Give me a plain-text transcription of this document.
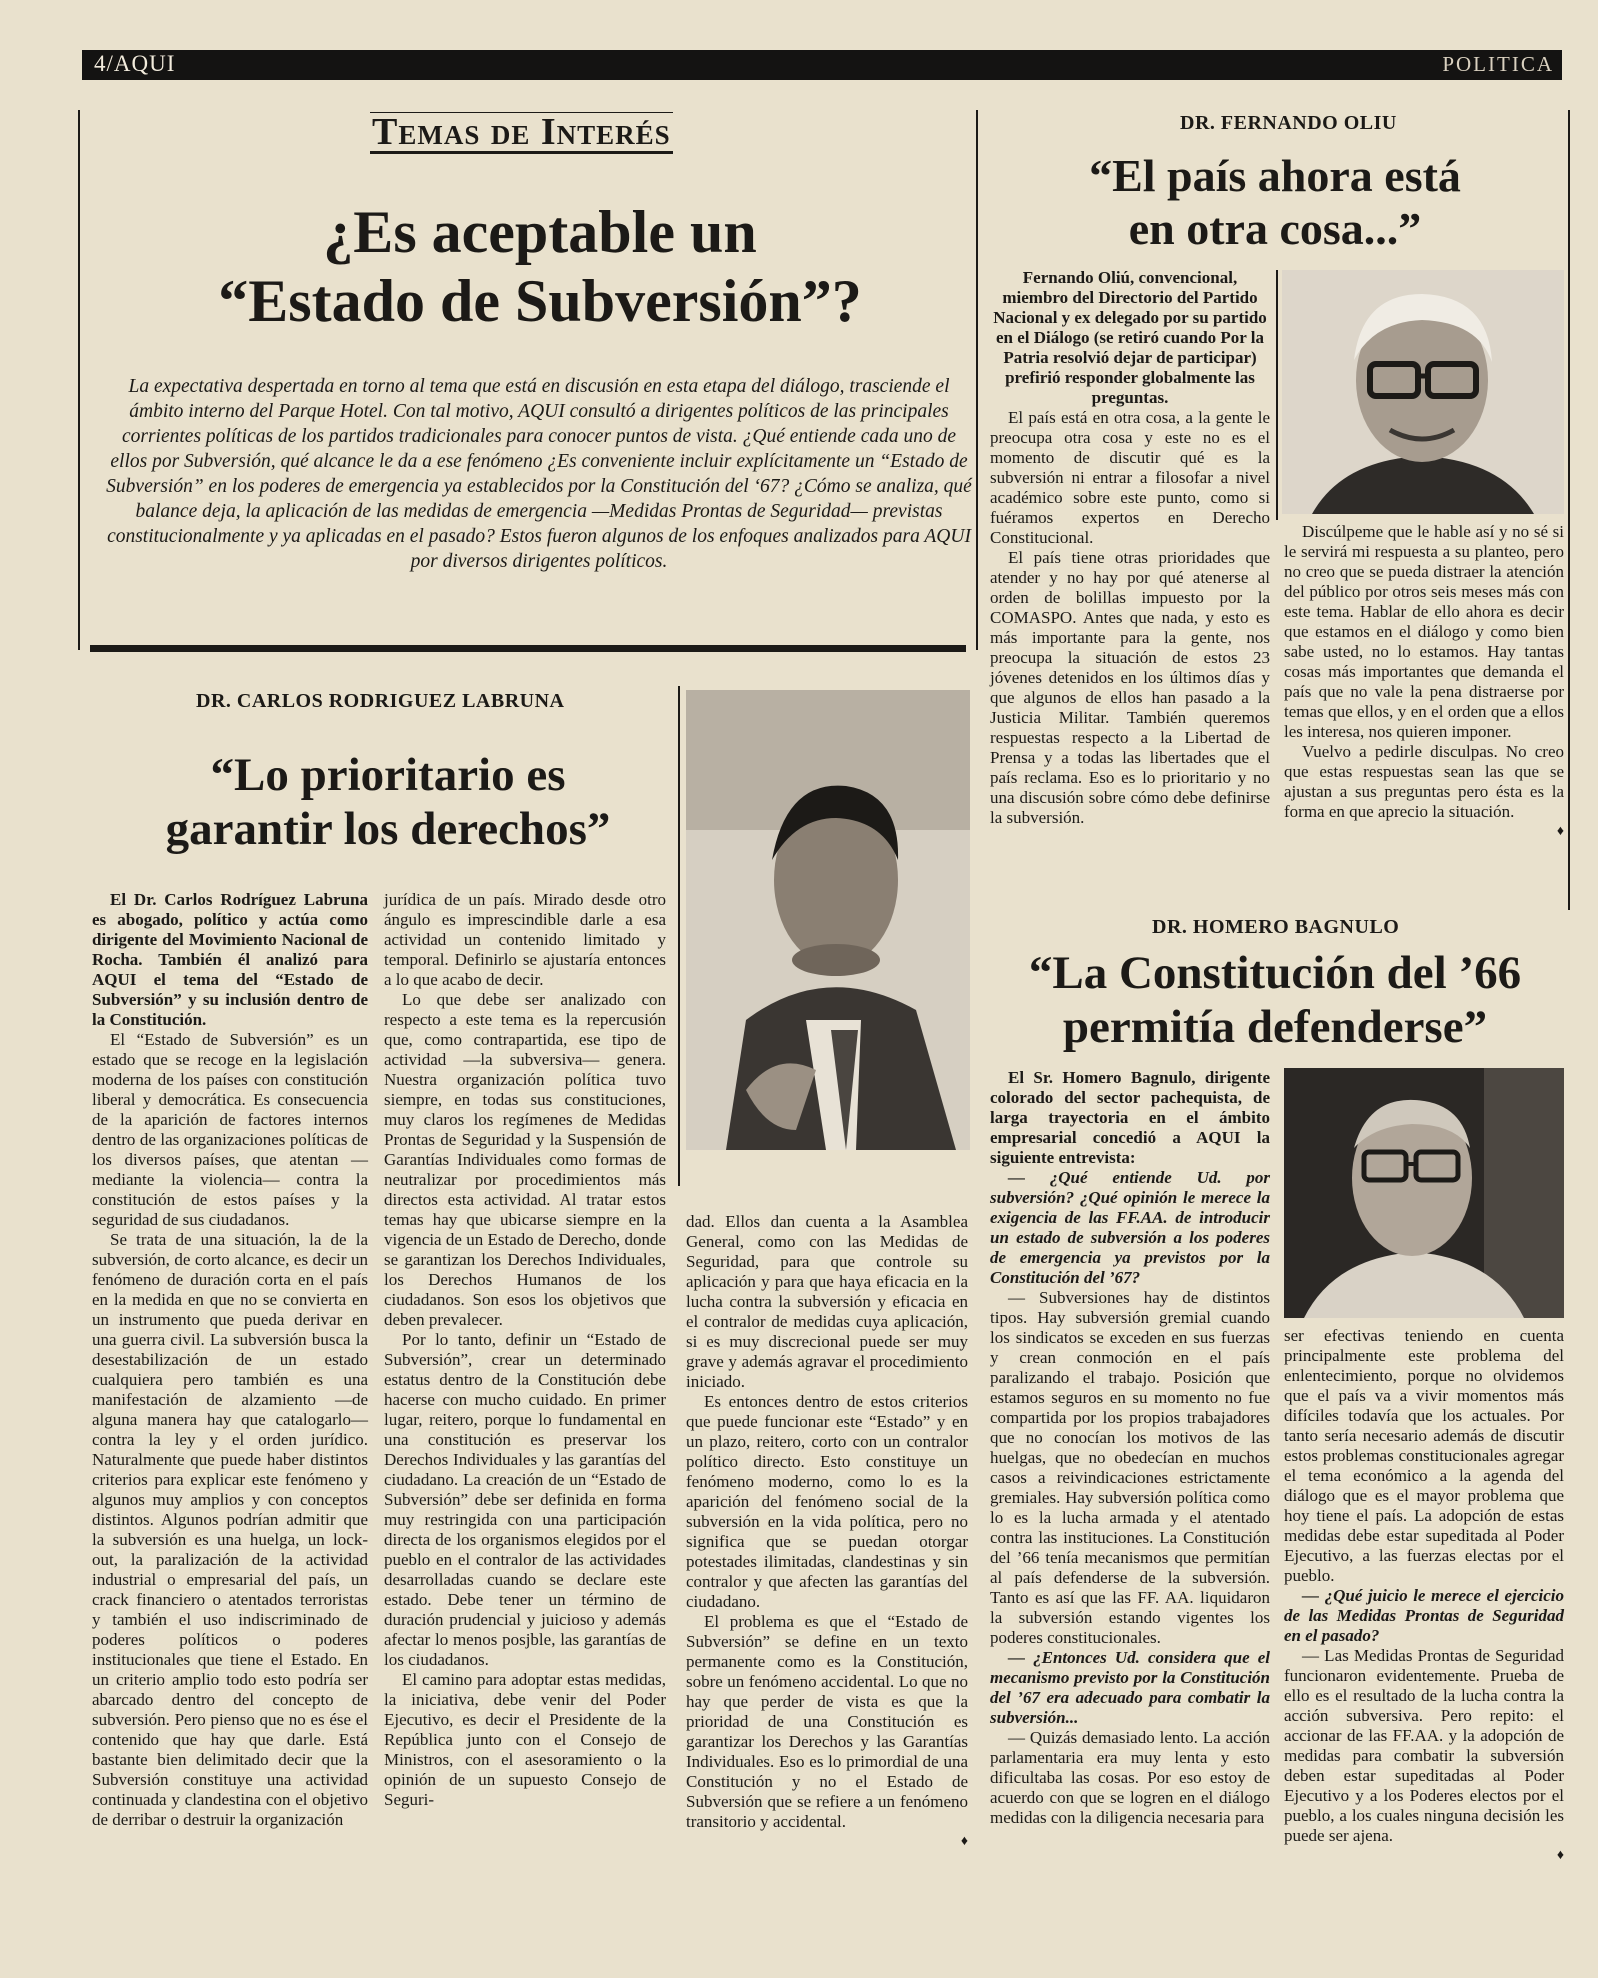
4/AQUI	POLITICA
Temas de Interés
¿Es aceptable un
“Estado de Subversión”?
La expectativa despertada en torno al tema que está en discusión en esta etapa del diálogo, trasciende el ámbito interno del Parque Hotel. Con tal motivo, AQUI consultó a dirigentes políticos de las principales corrientes políticas de los partidos tradicionales para conocer puntos de vista. ¿Qué entiende cada uno de ellos por Subversión, qué alcance le da a ese fenómeno ¿Es conveniente incluir explícitamente un “Estado de Subversión” en los poderes de emergencia ya establecidos por la Constitución del ‘67? ¿Cómo se analiza, qué balance deja, la aplicación de las medidas de emergencia —Medidas Prontas de Seguridad— previstas constitucionalmente y ya aplicadas en el pasado? Estos fueron algunos de los enfoques analizados para AQUI por diversos dirigentes políticos.
DR. CARLOS RODRIGUEZ LABRUNA
“Lo prioritario es
garantir los derechos”

El Dr. Carlos Rodríguez Labruna es abogado, político y actúa como dirigente del Movimiento Nacional de Rocha. También él analizó para AQUI el tema del “Estado de Subversión” y su inclusión dentro de la Constitución.

El “Estado de Subversión” es un estado que se recoge en la legislación moderna de los países con constitución liberal y democrática. Es consecuencia de la aparición de factores internos dentro de las organizaciones políticas de los diversos países, que atentan —mediante la violencia— contra la constitución de estos países y la seguridad de sus ciudadanos.

Se trata de una situación, la de la subversión, de corto alcance, es decir un fenómeno de duración corta en el país en la medida en que no se convierta en un instrumento que pueda derivar en una guerra civil. La subversión busca la desestabilización de un estado cualquiera pero también es una manifestación de alzamiento —de alguna manera hay que catalogarlo— contra la ley y el orden jurídico. Naturalmente que puede haber distintos criterios para explicar este fenómeno y algunos muy amplios y con conceptos distintos. Algunos podrían admitir que la subversión es una huelga, un lock-out, la paralización de la actividad industrial o empresarial del país, un crack financiero o atentados terroristas y también el uso indiscriminado de poderes políticos o poderes institucionales que tiene el Estado. En un criterio amplio todo esto podría ser abarcado dentro del concepto de subversión. Pero pienso que no es ése el contenido que hay que darle. Está bastante bien delimitado decir que la Subversión constituye una actividad continuada y clandestina con el objetivo de derribar o destruir la organización

jurídica de un país. Mirado desde otro ángulo es imprescindible darle a esa actividad un contenido limitado y temporal. Definirlo se ajustaría entonces a lo que acabo de decir.

Lo que debe ser analizado con respecto a este tema es la repercusión que, como contrapartida, ese tipo de actividad —la subversiva— genera. Nuestra organización política tuvo siempre, en todas sus constituciones, muy claros los regímenes de Medidas Prontas de Seguridad y la Suspensión de Garantías Individuales como formas de neutralizar por procedimientos más directos esta actividad. Al tratar estos temas hay que ubicarse siempre en la vigencia de un Estado de Derecho, donde se garantizan los Derechos Individuales, los Derechos Humanos de los ciudadanos. Son esos los objetivos que deben prevalecer.

Por lo tanto, definir un “Estado de Subversión”, crear un determinado estatus dentro de la Constitución debe hacerse con mucho cuidado. En primer lugar, reitero, porque lo fundamental en una constitución es preservar los Derechos Individuales y las garantías del ciudadano. La creación de un “Estado de Subversión” debe ser definida en forma muy restringida con una participación directa de los organismos elegidos por el pueblo en el contralor de las actividades desarrolladas cuando se declare este estado. Debe tener un término de duración prudencial y juicioso y además afectar lo menos posjble, las garantías de los ciudadanos.

El camino para adoptar estas medidas, la iniciativa, debe venir del Poder Ejecutivo, es decir el Presidente de la República junto con el Consejo de Ministros, con el asesoramiento o la opinión de un supuesto Consejo de Seguri-

dad. Ellos dan cuenta a la Asamblea General, como con las Medidas de Seguridad, para que controle su aplicación y para que haya eficacia en la lucha contra la subversión y eficacia en el contralor de medidas cuya aplicación, si es muy discrecional puede ser muy grave y además agravar el procedimiento iniciado.

Es entonces dentro de estos criterios que puede funcionar este “Estado” y en un plazo, reitero, corto con un contralor político directo. Esto constituye un fenómeno moderno, como lo es la aparición del fenómeno social de la subversión en la vida política, pero no significa que se puedan otorgar potestades ilimitadas, clandestinas y sin contralor y que afecten las garantías del ciudadano.

El problema es que el “Estado de Subversión” se define en un texto permanente como es la Constitución, sobre un fenómeno accidental. Lo que no hay que perder de vista es que la prioridad de una Constitución es garantizar los Derechos y las Garantías Individuales. Eso es lo primordial de una Constitución y no el Estado de Subversión que se refiere a un fenómeno transitorio y accidental.

♦
DR. FERNANDO OLIU
“El país ahora está
en otra cosa...”

Fernando Oliú, convencional, miembro del Directorio del Partido Nacional y ex delegado por su partido en el Diálogo (se retiró cuando Por la Patria resolvió dejar de participar) prefirió responder globalmente las preguntas.

El país está en otra cosa, a la gente le preocupa otra cosa y este no es el momento de discutir qué es la subversión ni entrar a filosofar a nivel académico sobre este punto, como si fuéramos expertos en Derecho Constitucional.

El país tiene otras prioridades que atender y no hay por qué atenerse al orden de bolillas impuesto por la COMASPO. Antes que nada, y esto es más importante para la gente, nos preocupa la situación de estos 23 jóvenes detenidos en los últimos días y que algunos de ellos han pasado a la Justicia Militar. También queremos respuestas respecto a la Libertad de Prensa y a todas las libertades que el país reclama. Eso es lo prioritario y no una discusión sobre cómo debe definirse la subversión.

Discúlpeme que le hable así y no sé si le servirá mi respuesta a su planteo, pero no creo que se pueda distraer la atención del público por otros seis meses más con este tema. Hablar de ello ahora es decir que estamos en el diálogo y como bien sabe usted, no lo estamos. Hay tantas cosas más importantes que demanda el país que no vale la pena distraerse por temas que ellos, y en el orden que a ellos les interesa, nos quieren imponer.

Vuelvo a pedirle disculpas. No creo que estas respuestas sean las que se ajustan a sus preguntas pero ésta es la forma en que aprecio la situación.

♦
DR. HOMERO BAGNULO
“La Constitución del ’66
permitía defenderse”

El Sr. Homero Bagnulo, dirigente colorado del sector pachequista, de larga trayectoria en el ámbito empresarial concedió a AQUI la siguiente entrevista:

— ¿Qué entiende Ud. por subversión? ¿Qué opinión le merece la exigencia de las FF.AA. de introducir un estado de subversión a los poderes de emergencia ya previstos por la Constitución del ’67?

— Subversiones hay de distintos tipos. Hay subversión gremial cuando los sindicatos se exceden en sus fuerzas y crean conmoción en el país paralizando el trabajo. Posición que estamos seguros en su momento no fue compartida por los propios trabajadores que no conocían los motivos de las huelgas, que no obedecían en muchos casos a reivindicaciones estrictamente gremiales. Hay subversión política como lo es la lucha armada y el atentado contra las instituciones. La Constitución del ’66 tenía mecanismos que permitían al país defenderse de la subversión. Tanto es así que las FF. AA. liquidaron la subversión estando vigentes los poderes constitucionales.

— ¿Entonces Ud. considera que el mecanismo previsto por la Constitución del ’67 era adecuado para combatir la subversión...

— Quizás demasiado lento. La acción parlamentaria era muy lenta y esto dificultaba las cosas. Por eso estoy de acuerdo con que se logren en el diálogo medidas con la diligencia necesaria para

ser efectivas teniendo en cuenta principalmente este problema del enlentecimiento, porque no olvidemos que el país va a vivir momentos más difíciles todavía que los actuales. Por tanto sería necesario además de discutir estos problemas constitucionales agregar el tema económico a la agenda del diálogo que es el mayor problema que hoy tiene el país. La adopción de estas medidas debe estar supeditada al Poder Ejecutivo, a las fuerzas electas por el pueblo.

— ¿Qué juicio le merece el ejercicio de las Medidas Prontas de Seguridad en el pasado?

— Las Medidas Prontas de Seguridad funcionaron evidentemente. Prueba de ello es el resultado de la lucha contra la acción subversiva. Pero repito: el accionar de las FF.AA. y la adopción de medidas para combatir la subversión deben estar supeditadas al Poder Ejecutivo y a los Poderes electos por el pueblo, a los cuales ninguna decisión les puede ser ajena.

♦
